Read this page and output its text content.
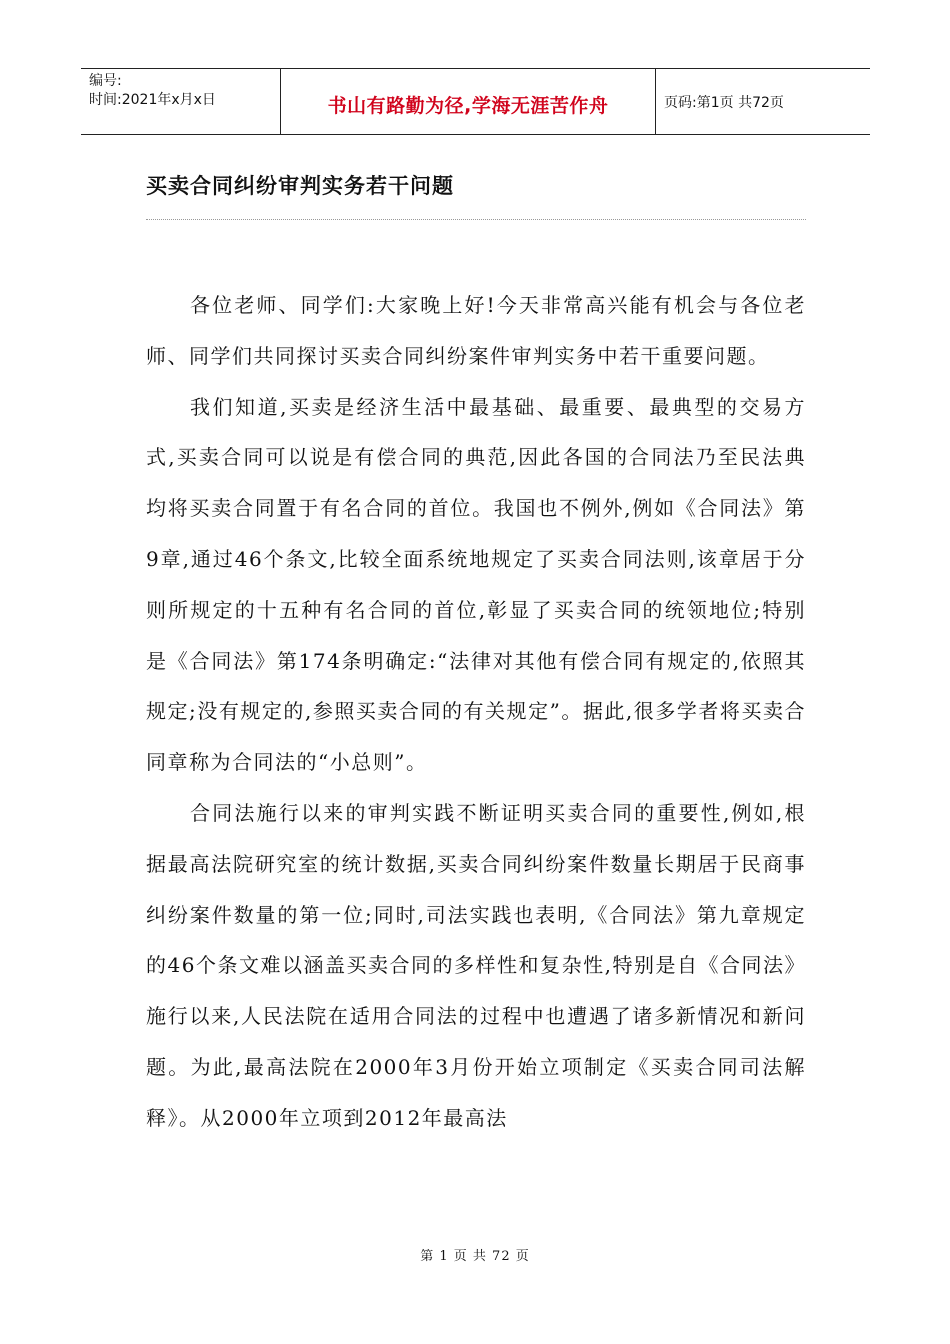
编号:
时间:2021年x月x日	书山有路勤为径,学海无涯苦作舟	页码:第1页 共72页
买卖合同纠纷审判实务若干问题

各位老师、同学们:大家晚上好!今天非常高兴能有机会与各位老师、同学们共同探讨买卖合同纠纷案件审判实务中若干重要问题。

我们知道,买卖是经济生活中最基础、最重要、最典型的交易方式,买卖合同可以说是有偿合同的典范,因此各国的合同法乃至民法典均将买卖合同置于有名合同的首位。我国也不例外,例如《合同法》第9章,通过46个条文,比较全面系统地规定了买卖合同法则,该章居于分则所规定的十五种有名合同的首位,彰显了买卖合同的统领地位;特别是《合同法》第174条明确定:“法律对其他有偿合同有规定的,依照其规定;没有规定的,参照买卖合同的有关规定”。据此,很多学者将买卖合同章称为合同法的“小总则”。

合同法施行以来的审判实践不断证明买卖合同的重要性,例如,根据最高法院研究室的统计数据,买卖合同纠纷案件数量长期居于民商事纠纷案件数量的第一位;同时,司法实践也表明,《合同法》第九章规定的46个条文难以涵盖买卖合同的多样性和复杂性,特别是自《合同法》施行以来,人民法院在适用合同法的过程中也遭遇了诸多新情况和新问题。为此,最高法院在2000年3月份开始立项制定《买卖合同司法解释》。从2000年立项到2012年最高法

第 1 页 共 72 页
